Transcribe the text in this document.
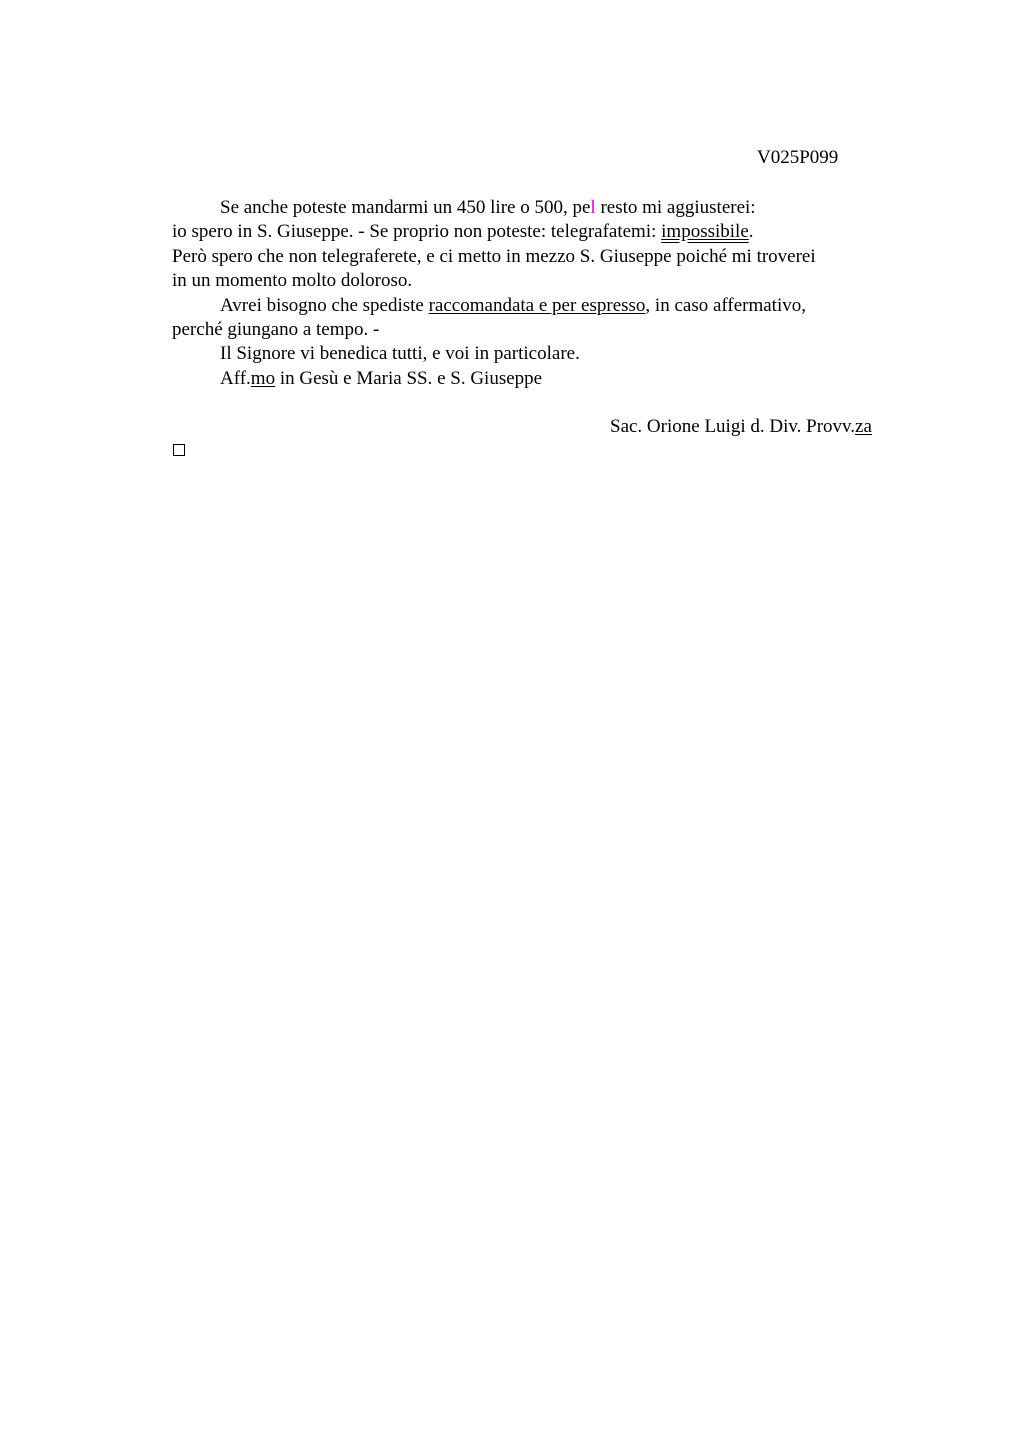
V025P099
Se anche poteste mandarmi un 450 lire o 500, pel resto mi aggiusterei:
io spero in S. Giuseppe. - Se proprio non poteste: telegrafatemi: impossibile.
Però spero che non telegraferete, e ci metto in mezzo S. Giuseppe poiché mi troverei
in un momento molto doloroso.
Avrei bisogno che spediste raccomandata e per espresso, in caso affermativo,
perché giungano a tempo. -
Il Signore vi benedica tutti, e voi in particolare.
Aff.mo in Gesù e Maria SS. e S. Giuseppe
Sac. Orione Luigi d. Div. Provv.za
